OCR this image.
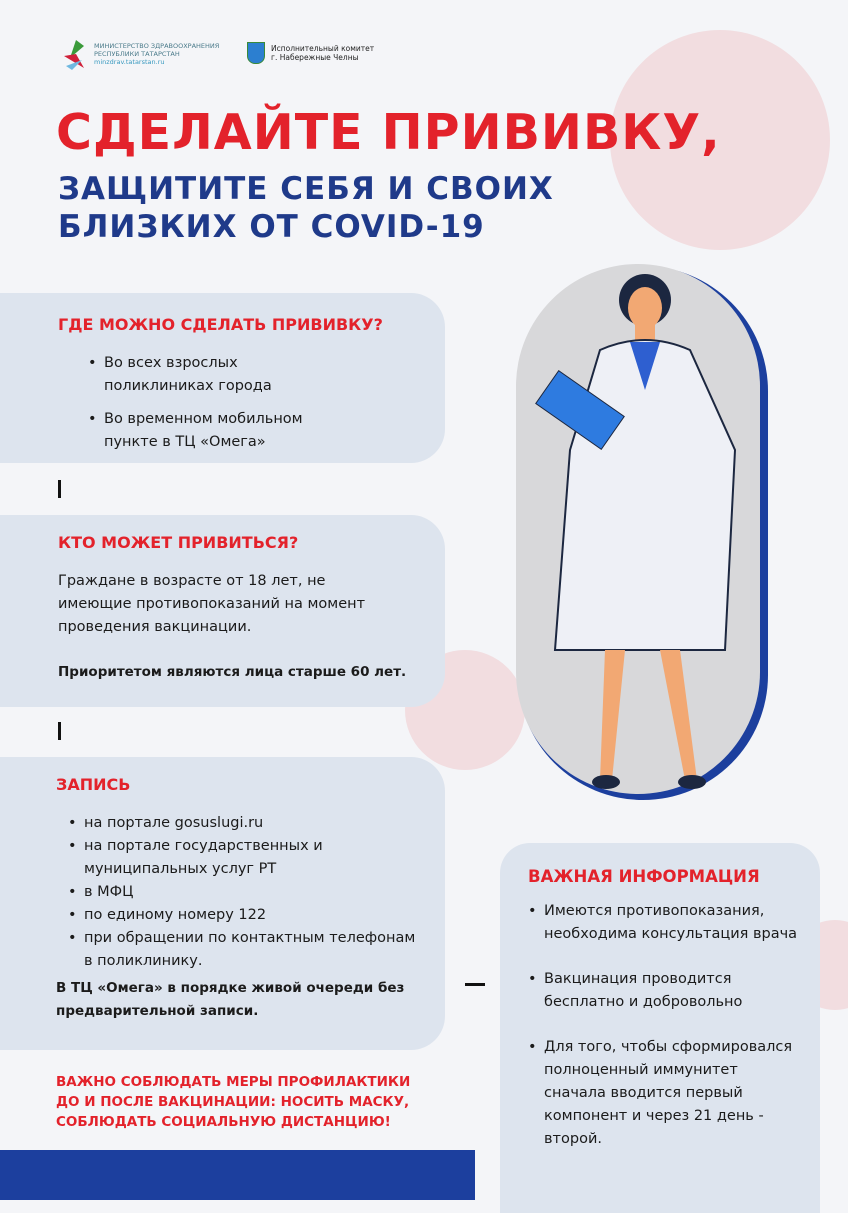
МИНИСТЕРСТВО ЗДРАВООХРАНЕНИЯ
РЕСПУБЛИКИ ТАТАРСТАН
minzdrav.tatarstan.ru
Исполнительный комитет
г. Набережные Челны
СДЕЛАЙТЕ ПРИВИВКУ,
ЗАЩИТИТЕ СЕБЯ И СВОИХ
БЛИЗКИХ ОТ COVID-19
ГДЕ МОЖНО СДЕЛАТЬ ПРИВИВКУ?
• Во всех взрослых поликлиниках города
• Во временном мобильном пункте в ТЦ «Омега»
КТО МОЖЕТ ПРИВИТЬСЯ?
Граждане в возрасте от 18 лет, не имеющие противопоказаний на момент проведения вакцинации.
Приоритетом являются лица старше 60 лет.
ЗАПИСЬ
• на портале gosuslugi.ru
• на портале государственных и муниципальных услуг РТ
• в МФЦ
• по единому номеру 122
• при обращении по контактным телефонам в поликлинику.
В ТЦ «Омега» в порядке живой очереди без предварительной записи.
ВАЖНО СОБЛЮДАТЬ МЕРЫ ПРОФИЛАКТИКИ ДО И ПОСЛЕ ВАКЦИНАЦИИ: НОСИТЬ МАСКУ, СОБЛЮДАТЬ СОЦИАЛЬНУЮ ДИСТАНЦИЮ!
ВАЖНАЯ ИНФОРМАЦИЯ
• Имеются противопоказания, необходима консультация врача
• Вакцинация проводится бесплатно и добровольно
• Для того, чтобы сформировался полноценный иммунитет сначала вводится первый компонент и через 21 день - второй.
